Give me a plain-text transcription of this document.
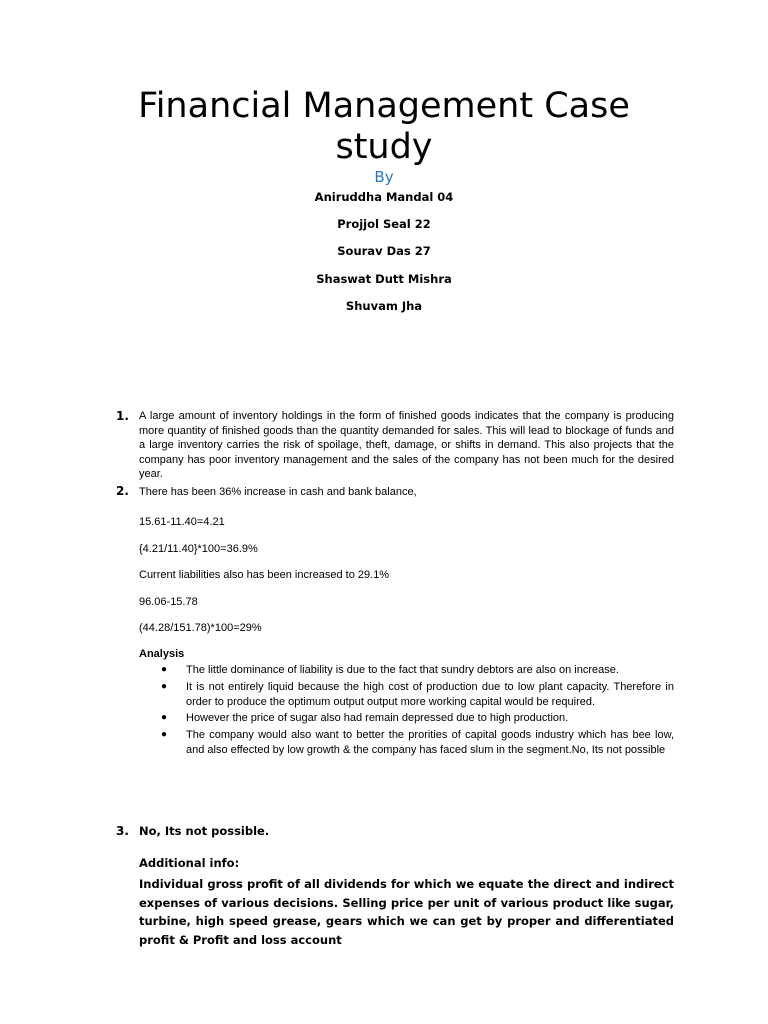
Financial Management Case
study

By

Aniruddha Mandal 04

Projjol Seal 22

Sourav Das 27

Shaswat Dutt Mishra

Shuvam Jha

1. A large amount of inventory holdings in the form of finished goods indicates that the company is producing more quantity of finished goods than the quantity demanded for sales. This will lead to blockage of funds and a large inventory carries the risk of spoilage, theft, damage, or shifts in demand. This also projects that the company has poor inventory management and the sales of the company has not been much for the desired year.

2. There has been 36% increase in cash and bank balance,

15.61-11.40=4.21

{4.21/11.40}*100=36.9%

Current liabilities also has been increased to 29.1%

96.06-15.78

(44.28/151.78)*100=29%

Analysis

● The little dominance of liability is due to the fact that sundry debtors are also on increase.
● It is not entirely liquid because the high cost of production due to low plant capacity. Therefore in order to produce the optimum output output more working capital would be required.
● However the price of sugar also had remain depressed due to high production.
● The company would also want to better the prorities of capital goods industry which has bee low, and also effected by low growth & the company has faced slum in the segment.No, Its not possible
3. No, Its not possible.

Additional info:

Individual gross profit of all dividends for which we equate the direct and indirect expenses of various decisions. Selling price per unit of various product like sugar, turbine, high speed grease, gears which we can get by proper and differentiated profit & Profit and loss account
